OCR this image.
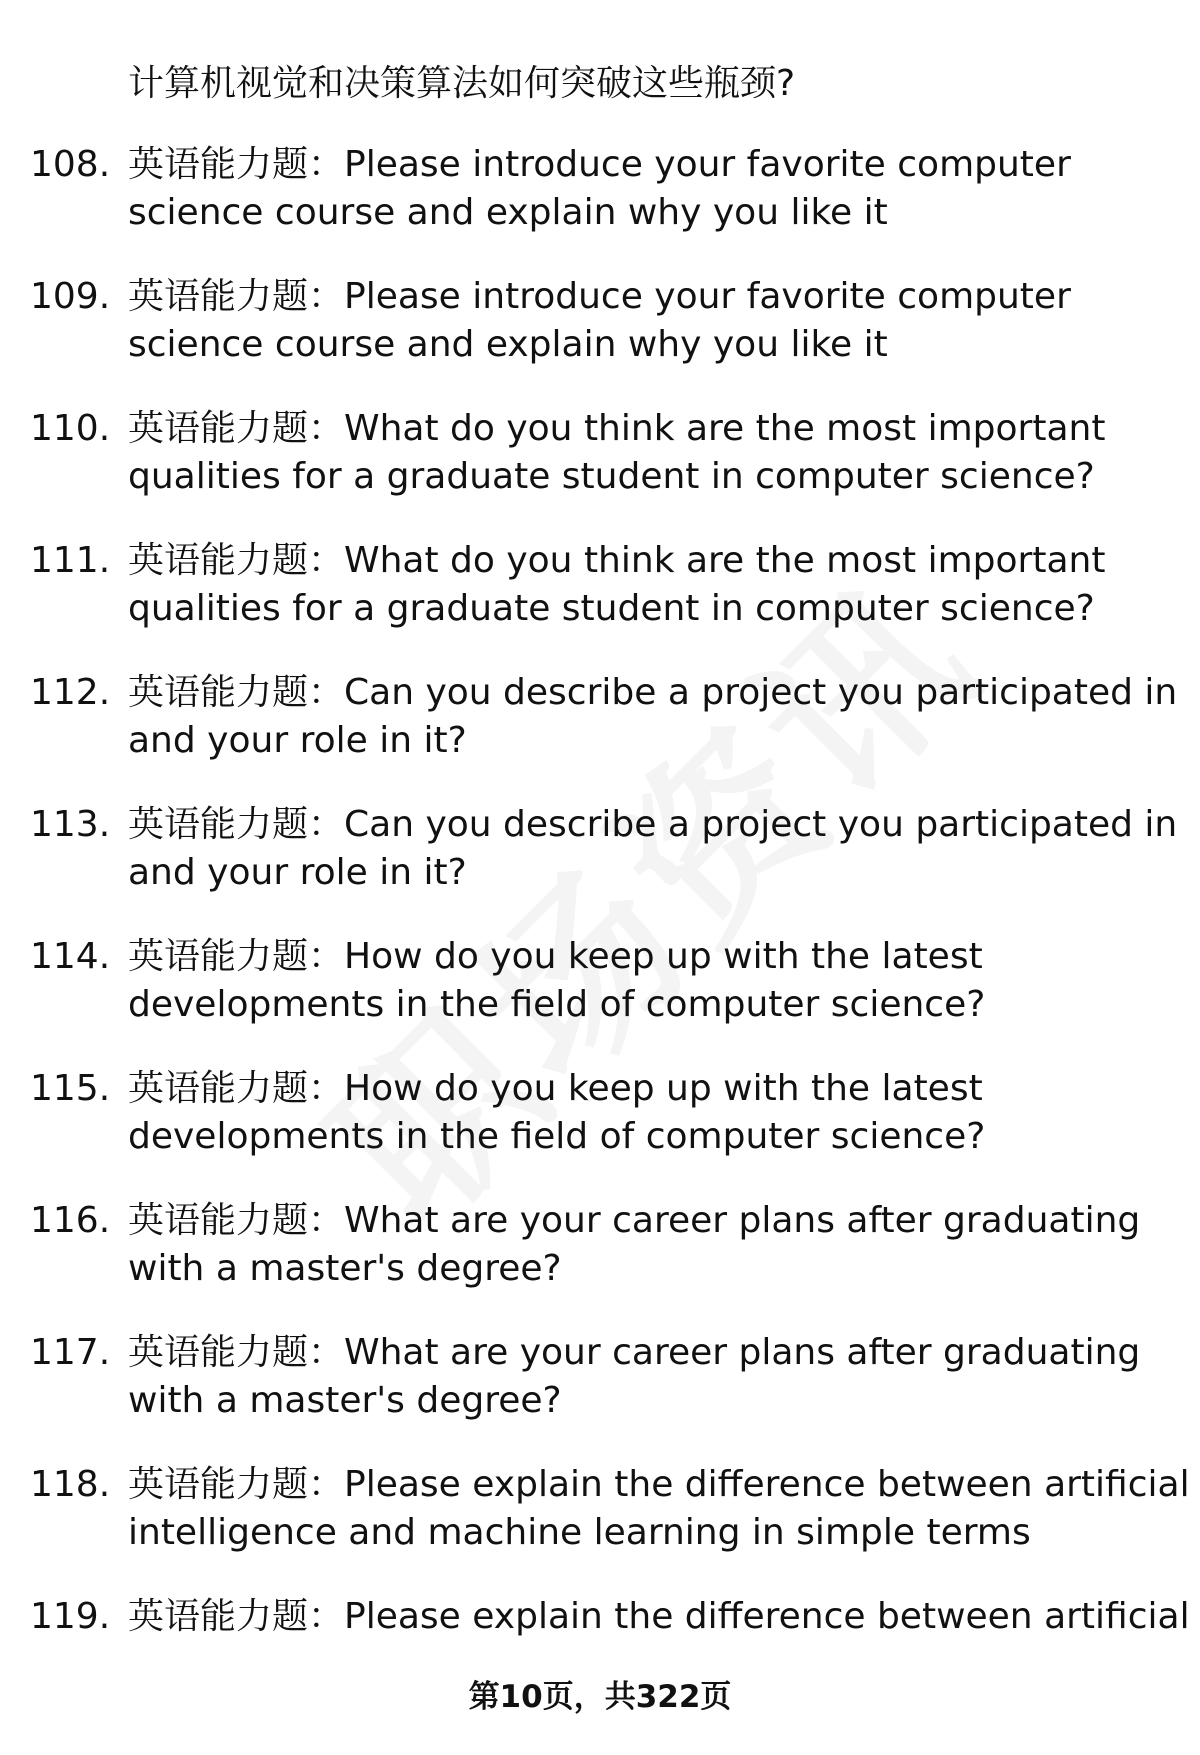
计算机视觉和决策算法如何突破这些瓶颈?
108. 英语能力题：Please introduce your favorite computer
science course and explain why you like it
109. 英语能力题：Please introduce your favorite computer
science course and explain why you like it
110. 英语能力题：What do you think are the most important
qualities for a graduate student in computer science?
111. 英语能力题：What do you think are the most important
qualities for a graduate student in computer science?
112. 英语能力题：Can you describe a project you participated in
and your role in it?
113. 英语能力题：Can you describe a project you participated in
and your role in it?
114. 英语能力题：How do you keep up with the latest
developments in the field of computer science?
115. 英语能力题：How do you keep up with the latest
developments in the field of computer science?
116. 英语能力题：What are your career plans after graduating
with a master's degree?
117. 英语能力题：What are your career plans after graduating
with a master's degree?
118. 英语能力题：Please explain the difference between artificial
intelligence and machine learning in simple terms
119. 英语能力题：Please explain the difference between artificial
第10页，共322页
